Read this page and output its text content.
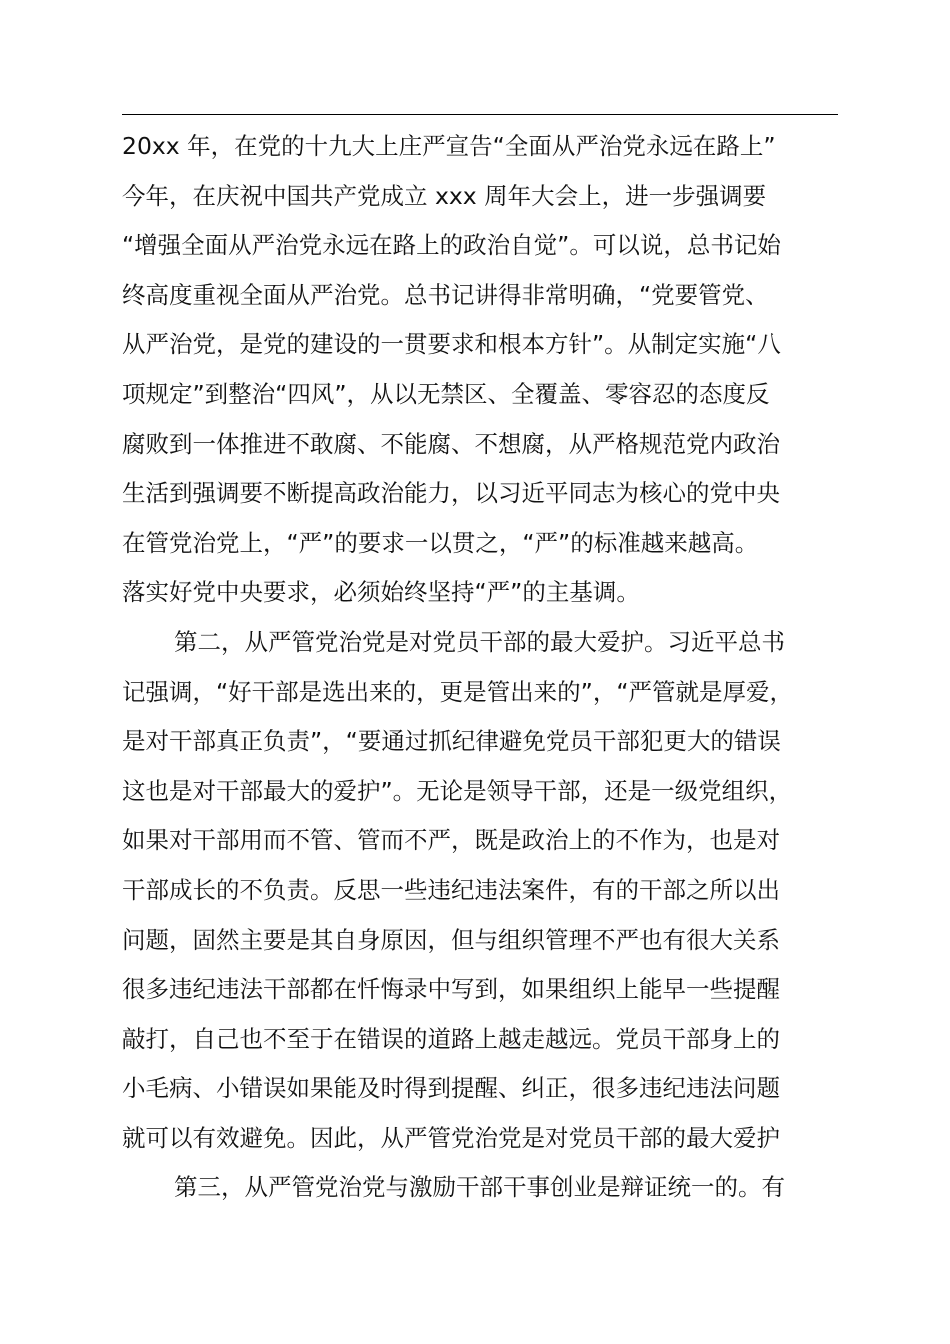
20xx 年，在党的十九大上庄严宣告“全面从严治党永远在路上”
今年，在庆祝中国共产党成立 xxx 周年大会上，进一步强调要
“增强全面从严治党永远在路上的政治自觉”。可以说，总书记始
终高度重视全面从严治党。总书记讲得非常明确，“党要管党、
从严治党，是党的建设的一贯要求和根本方针”。从制定实施“八
项规定”到整治“四风”，从以无禁区、全覆盖、零容忍的态度反
腐败到一体推进不敢腐、不能腐、不想腐，从严格规范党内政治
生活到强调要不断提高政治能力，以习近平同志为核心的党中央
在管党治党上，“严”的要求一以贯之，“严”的标准越来越高。
落实好党中央要求，必须始终坚持“严”的主基调。
第二，从严管党治党是对党员干部的最大爱护。习近平总书
记强调，“好干部是选出来的，更是管出来的”，“严管就是厚爱，
是对干部真正负责”，“要通过抓纪律避免党员干部犯更大的错误
这也是对干部最大的爱护”。无论是领导干部，还是一级党组织，
如果对干部用而不管、管而不严，既是政治上的不作为，也是对
干部成长的不负责。反思一些违纪违法案件，有的干部之所以出
问题，固然主要是其自身原因，但与组织管理不严也有很大关系
很多违纪违法干部都在忏悔录中写到，如果组织上能早一些提醒
敲打，自己也不至于在错误的道路上越走越远。党员干部身上的
小毛病、小错误如果能及时得到提醒、纠正，很多违纪违法问题
就可以有效避免。因此，从严管党治党是对党员干部的最大爱护
第三，从严管党治党与激励干部干事创业是辩证统一的。有
